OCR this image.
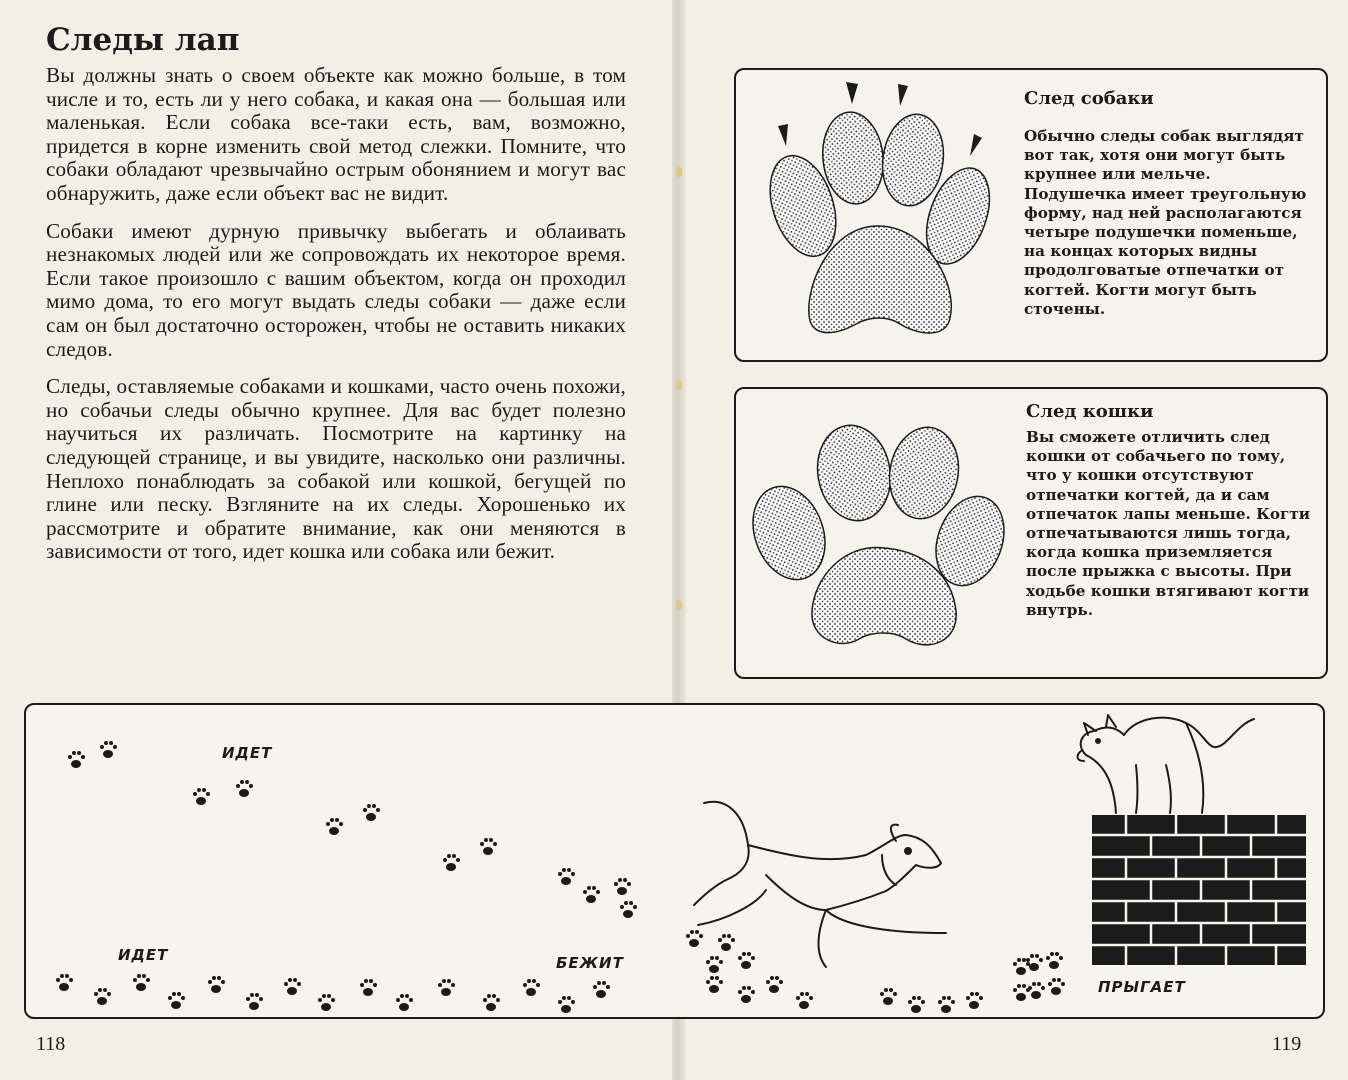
Следы лап

Вы должны знать о своем объекте как можно больше, в том числе и то, есть ли у него собака, и какая она — большая или маленькая. Если собака все-таки есть, вам, возможно, придется в корне изменить свой метод слежки. Помните, что собаки обладают чрезвычайно острым обонянием и могут вас обнаружить, даже если объект вас не видит.

Собаки имеют дурную привычку выбегать и облаивать незнакомых людей или же сопровождать их некоторое время. Если такое произошло с вашим объектом, когда он проходил мимо дома, то его могут выдать следы собаки — даже если сам он был достаточно осторожен, чтобы не оставить никаких следов.

Следы, оставляемые собаками и кошками, часто очень похожи, но собачьи следы обычно крупнее. Для вас будет полезно научиться их различать. Посмотрите на картинку на следующей странице, и вы увидите, насколько они различны. Неплохо понаблюдать за собакой или кошкой, бегущей по глине или песку. Взгляните на их следы. Хорошенько их рассмотрите и обратите внимание, как они меняются в зависимости от того, идет кошка или собака или бежит.

След собаки
Обычно следы собак выглядят вот так, хотя они могут быть крупнее или мельче. Подушечка имеет треугольную форму, над ней располагаются четыре подушечки поменьше, на концах которых видны продолговатые отпечатки от когтей. Когти могут быть сточены.
След кошки
Вы сможете отличить след кошки от собачьего по тому, что у кошки отсутствуют отпечатки когтей, да и сам отпечаток лапы меньше. Когти отпечатываются лишь тогда, когда кошка приземляется после прыжка с высоты. При ходьбе кошки втягивают когти внутрь.
ИДЕТ
ИДЕТ	БЕЖИТ
ПРЫГАЕТ
118	119
